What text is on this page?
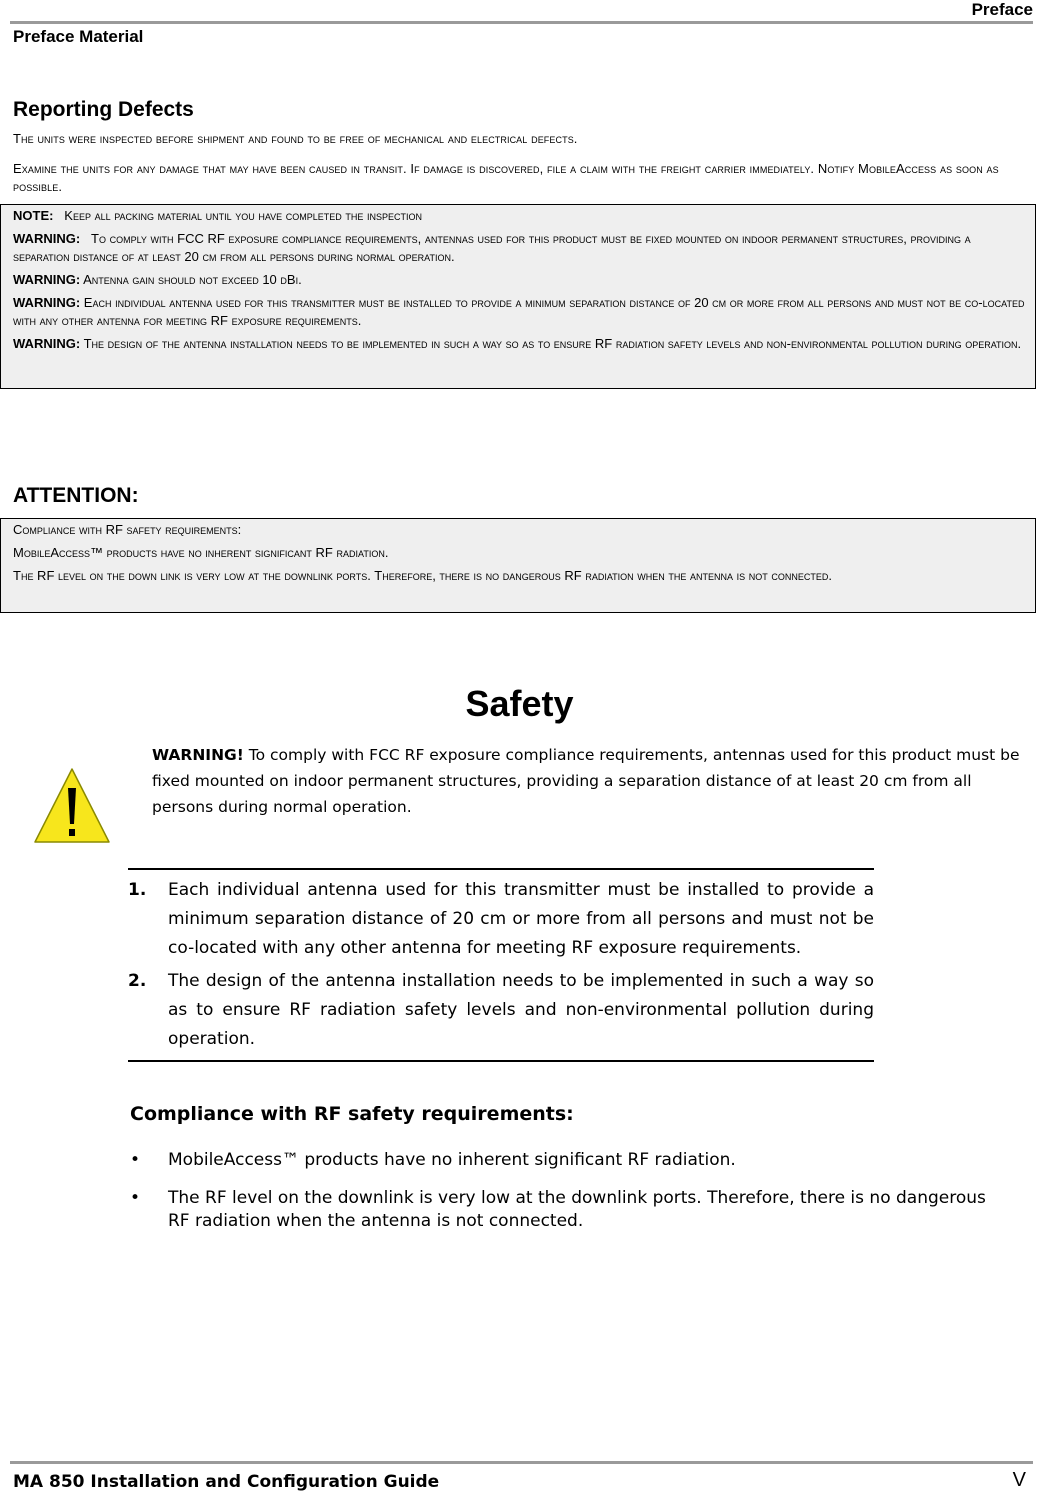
Preface
Preface Material
Reporting Defects
The units were inspected before shipment and found to be free of mechanical and electrical defects.
Examine the units for any damage that may have been caused in transit. If damage is discovered, file a claim with the freight carrier immediately. Notify MobileAccess as soon as possible.

NOTE: Keep all packing material until you have completed the inspection

WARNING: To comply with FCC RF exposure compliance requirements, antennas used for this product must be fixed mounted on indoor permanent structures, providing a separation distance of at least 20 cm from all persons during normal operation.

WARNING: Antenna gain should not exceed 10 dBi.

WARNING: Each individual antenna used for this transmitter must be installed to provide a minimum separation distance of 20 cm or more from all persons and must not be co-located with any other antenna for meeting RF exposure requirements.

WARNING: The design of the antenna installation needs to be implemented in such a way so as to ensure RF radiation safety levels and non-environmental pollution during operation.

ATTENTION:

Compliance with RF safety requirements:

MobileAccess™ products have no inherent significant RF radiation.

The RF level on the down link is very low at the downlink ports. Therefore, there is no dangerous RF radiation when the antenna is not connected.

Safety
WARNING! To comply with FCC RF exposure compliance requirements, antennas used for this product must be fixed mounted on indoor permanent structures, providing a separation distance of at least 20 cm from all persons during normal operation.
1.	Each individual antenna used for this transmitter must be installed to provide a minimum separation distance of 20 cm or more from all persons and must not be co-located with any other antenna for meeting RF exposure requirements.
2.	The design of the antenna installation needs to be implemented in such a way so as to ensure RF radiation safety levels and non-environmental pollution during operation.
Compliance with RF safety requirements:
•	MobileAccess™ products have no inherent significant RF radiation.
•	The RF level on the downlink is very low at the downlink ports. Therefore, there is no dangerous RF radiation when the antenna is not connected.
MA 850 Installation and Configuration Guide	V
